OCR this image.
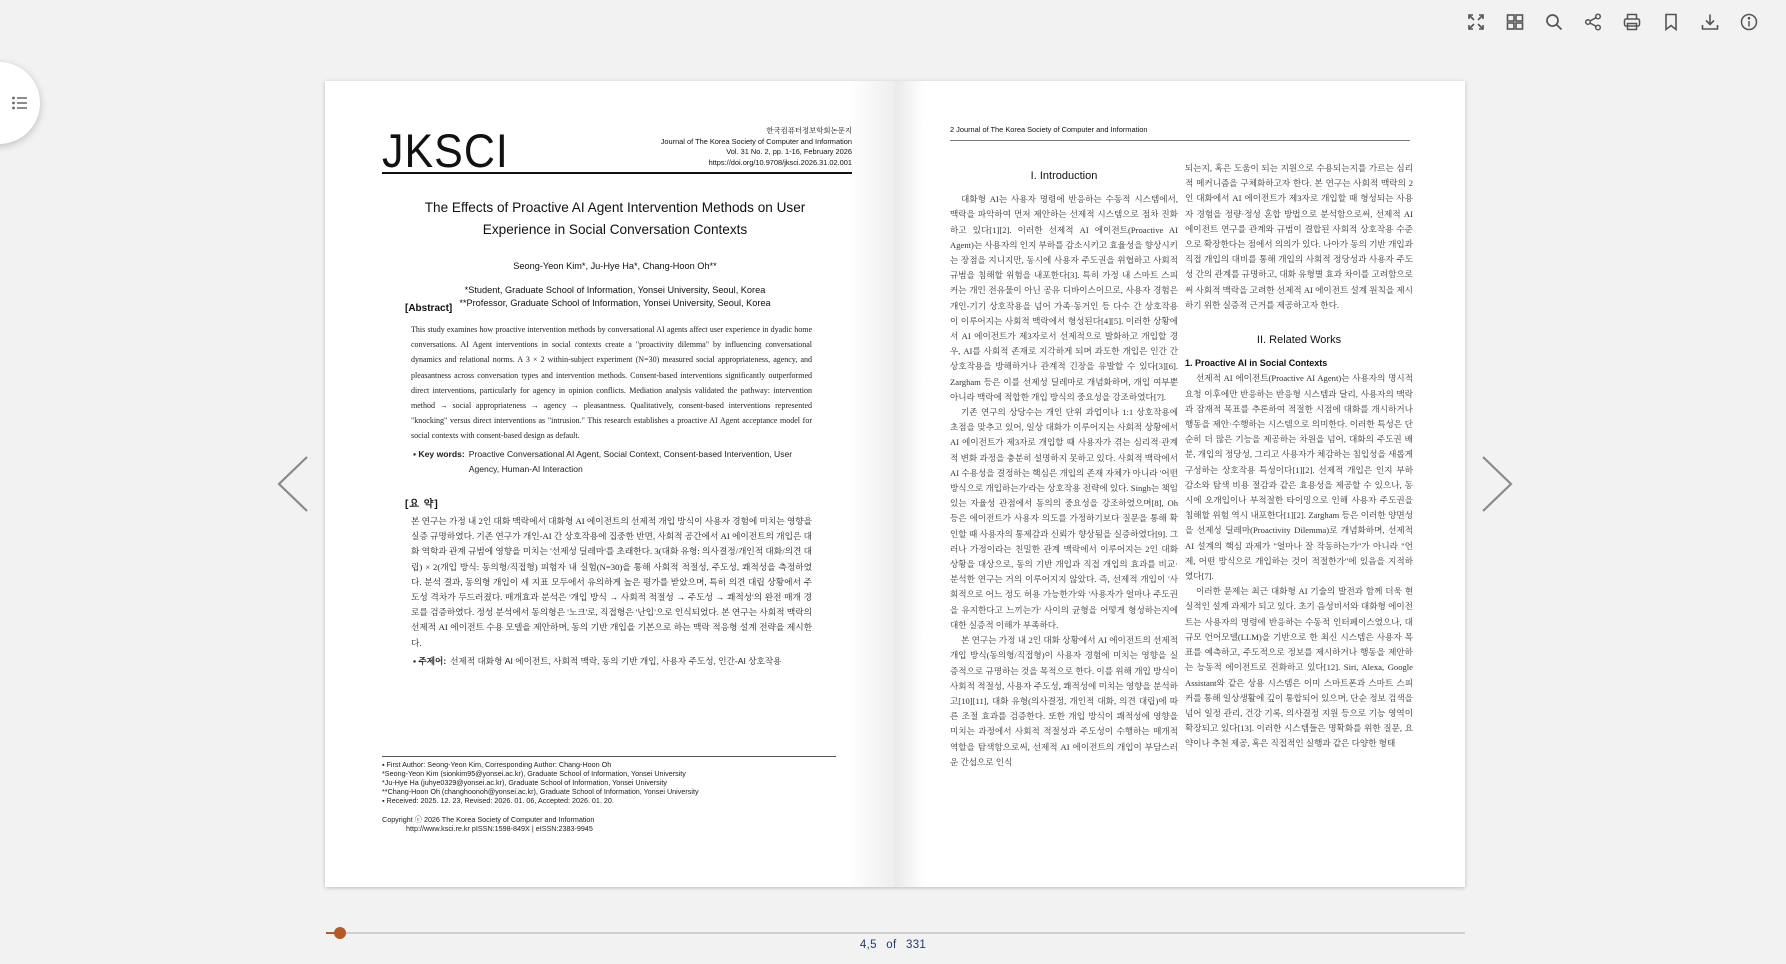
JKSCI	한국컴퓨터정보학회논문지
Journal of The Korea Society of Computer and Information
Vol. 31 No. 2, pp. 1-16, February 2026
https://doi.org/10.9708/jksci.2026.31.02.001
The Effects of Proactive AI Agent Intervention Methods on User
Experience in Social Conversation Contexts
Seong-Yeon Kim*, Ju-Hye Ha*, Chang-Hoon Oh**
*Student, Graduate School of Information, Yonsei University, Seoul, Korea
**Professor, Graduate School of Information, Yonsei University, Seoul, Korea
[Abstract]
This study examines how proactive intervention methods by conversational AI agents affect user experience in dyadic home conversations. AI Agent interventions in social contexts create a "proactivity dilemma" by influencing conversational dynamics and relational norms. A 3 × 2 within-subject experiment (N=30) measured social appropriateness, agency, and pleasantness across conversation types and intervention methods. Consent-based interventions significantly outperformed direct interventions, particularly for agency in opinion conflicts. Mediation analysis validated the pathway: intervention method → social appropriateness → agency → pleasantness. Qualitatively, consent-based interventions represented "knocking" versus direct interventions as "intrusion." This research establishes a proactive AI Agent acceptance model for social contexts with consent-based design as default.
▪ Key words: Proactive Conversational AI Agent, Social Context, Consent-based Intervention, User Agency, Human-AI Interaction
[요 약]
본 연구는 가정 내 2인 대화 맥락에서 대화형 AI 에이전트의 선제적 개입 방식이 사용자 경험에 미치는 영향을 실증 규명하였다. 기존 연구가 개인-AI 간 상호작용에 집중한 반면, 사회적 공간에서 AI 에이전트의 개입은 대화 역학과 관계 규범에 영향을 미치는 '선제성 딜레마'를 초래한다. 3(대화 유형: 의사결정/개인적 대화/의견 대립) × 2(개입 방식: 동의형/직접형) 피험자 내 실험(N=30)을 통해 사회적 적절성, 주도성, 쾌적성을 측정하였다. 분석 결과, 동의형 개입이 세 지표 모두에서 유의하게 높은 평가를 받았으며, 특히 의견 대립 상황에서 주도성 격차가 두드러졌다. 매개효과 분석은 '개입 방식 → 사회적 적절성 → 주도성 → 쾌적성'의 완전 매개 경로를 검증하였다. 정성 분석에서 동의형은 '노크'로, 직접형은 '난입'으로 인식되었다. 본 연구는 사회적 맥락의 선제적 AI 에이전트 수용 모델을 제안하며, 동의 기반 개입을 기본으로 하는 맥락 적응형 설계 전략을 제시한다.
▪ 주제어: 선제적 대화형 AI 에이전트, 사회적 맥락, 동의 기반 개입, 사용자 주도성, 인간-AI 상호작용
▪ First Author: Seong-Yeon Kim, Corresponding Author: Chang-Hoon Oh
*Seong-Yeon Kim (sionkim95@yonsei.ac.kr), Graduate School of Information, Yonsei University
*Ju-Hye Ha (juhye0329@yonsei.ac.kr), Graduate School of Information, Yonsei University
**Chang-Hoon Oh (changhoonoh@yonsei.ac.kr), Graduate School of Information, Yonsei University
▪ Received: 2025. 12. 23, Revised: 2026. 01. 06, Accepted: 2026. 01. 20.
Copyright ⓒ 2026 The Korea Society of Computer and Information
http://www.ksci.re.kr pISSN:1598-849X | eISSN:2383-9945
2 Journal of The Korea Society of Computer and Information
I. Introduction
대화형 AI는 사용자 명령에 반응하는 수동적 시스템에서, 맥락을 파악하여 먼저 제안하는 선제적 시스템으로 점차 진화하고 있다[1][2]. 이러한 선제적 AI 에이전트(Proactive AI Agent)는 사용자의 인지 부하를 감소시키고 효율성을 향상시키는 장점을 지니지만, 동시에 사용자 주도권을 위협하고 사회적 규범을 침해할 위험을 내포한다[3]. 특히 가정 내 스마트 스피커는 개인 전유물이 아닌 공유 디바이스이므로, 사용자 경험은 개인-기기 상호작용을 넘어 가족·동거인 등 다수 간 상호작용이 이루어지는 사회적 맥락에서 형성된다[4][5]. 이러한 상황에서 AI 에이전트가 제3자로서 선제적으로 발화하고 개입할 경우, AI를 사회적 존재로 지각하게 되며 과도한 개입은 인간 간 상호작용을 방해하거나 관계적 긴장을 유발할 수 있다[3][6]. Zargham 등은 이를 선제성 딜레마로 개념화하며, 개입 여부뿐 아니라 맥락에 적합한 개입 방식의 중요성을 강조하였다[7].
기존 연구의 상당수는 개인 단위 과업이나 1:1 상호작용에 초점을 맞추고 있어, 일상 대화가 이루어지는 사회적 상황에서 AI 에이전트가 제3자로 개입할 때 사용자가 겪는 심리적·관계적 변화 과정을 충분히 설명하지 못하고 있다. 사회적 맥락에서 AI 수용성을 결정하는 핵심은 개입의 존재 자체가 아니라 '어떤 방식으로 개입하는가'라는 상호작용 전략에 있다. Singh는 책임 있는 자율성 관점에서 동의의 중요성을 강조하였으며[8], Oh 등은 에이전트가 사용자 의도를 가정하기보다 질문을 통해 확인할 때 사용자의 통제감과 신뢰가 향상됨을 실증하였다[9]. 그러나 가정이라는 친밀한 관계 맥락에서 이루어지는 2인 대화 상황을 대상으로, 동의 기반 개입과 직접 개입의 효과를 비교·분석한 연구는 거의 이루어지지 않았다. 즉, 선제적 개입이 '사회적으로 어느 정도 허용 가능한가'와 '사용자가 얼마나 주도권을 유지한다고 느끼는가' 사이의 균형을 어떻게 형성하는지에 대한 실증적 이해가 부족하다.
본 연구는 가정 내 2인 대화 상황에서 AI 에이전트의 선제적 개입 방식(동의형/직접형)이 사용자 경험에 미치는 영향을 실증적으로 규명하는 것을 목적으로 한다. 이를 위해 개입 방식이 사회적 적절성, 사용자 주도성, 쾌적성에 미치는 영향을 분석하고[10][11], 대화 유형(의사결정, 개인적 대화, 의견 대립)에 따른 조절 효과를 검증한다. 또한 개입 방식이 쾌적성에 영향을 미치는 과정에서 사회적 적절성과 주도성이 수행하는 매개적 역할을 탐색함으로써, 선제적 AI 에이전트의 개입이 부담스러운 간섭으로 인식
되는지, 혹은 도움이 되는 지원으로 수용되는지를 가르는 심리적 메커니즘을 구체화하고자 한다. 본 연구는 사회적 맥락의 2인 대화에서 AI 에이전트가 제3자로 개입할 때 형성되는 사용자 경험을 정량·정성 혼합 방법으로 분석함으로써, 선제적 AI 에이전트 연구를 관계와 규범이 결합된 사회적 상호작용 수준으로 확장한다는 점에서 의의가 있다. 나아가 동의 기반 개입과 직접 개입의 대비를 통해 개입의 사회적 정당성과 사용자 주도성 간의 관계를 규명하고, 대화 유형별 효과 차이를 고려함으로써 사회적 맥락을 고려한 선제적 AI 에이전트 설계 원칙을 제시하기 위한 실증적 근거를 제공하고자 한다.
II. Related Works
1. Proactive AI in Social Contexts
선제적 AI 에이전트(Proactive AI Agent)는 사용자의 명시적 요청 이후에만 반응하는 반응형 시스템과 달리, 사용자의 맥락과 잠재적 목표를 추론하여 적절한 시점에 대화를 개시하거나 행동을 제안·수행하는 시스템으로 의미한다. 이러한 특성은 단순히 더 많은 기능을 제공하는 차원을 넘어, 대화의 주도권 배분, 개입의 정당성, 그리고 사용자가 체감하는 침입성을 새롭게 구성하는 상호작용 특성이다[1][2]. 선제적 개입은 인지 부하 감소와 탐색 비용 절감과 같은 효용성을 제공할 수 있으나, 동시에 오개입이나 부적절한 타이밍으로 인해 사용자 주도권을 침해할 위험 역시 내포한다[1][2]. Zargham 등은 이러한 양면성을 선제성 딜레마(Proactivity Dilemma)로 개념화하며, 선제적 AI 설계의 핵심 과제가 "얼마나 잘 작동하는가"가 아니라 "언제, 어떤 방식으로 개입하는 것이 적절한가"에 있음을 지적하였다[7].
이러한 문제는 최근 대화형 AI 기술의 발전과 함께 더욱 현실적인 설계 과제가 되고 있다. 초기 음성비서와 대화형 에이전트는 사용자의 명령에 반응하는 수동적 인터페이스였으나, 대규모 언어모델(LLM)을 기반으로 한 최신 시스템은 사용자 목표를 예측하고, 주도적으로 정보를 제시하거나 행동을 제안하는 능동적 에이전트로 진화하고 있다[12]. Siri, Alexa, Google Assistant와 같은 상용 시스템은 이미 스마트폰과 스마트 스피커를 통해 일상생활에 깊이 통합되어 있으며, 단순 정보 검색을 넘어 일정 관리, 건강 기록, 의사결정 지원 등으로 기능 영역이 확장되고 있다[13]. 이러한 시스템들은 명확화를 위한 질문, 요약이나 추천 제공, 혹은 직접적인 실행과 같은 다양한 형태
4,5 of 331
